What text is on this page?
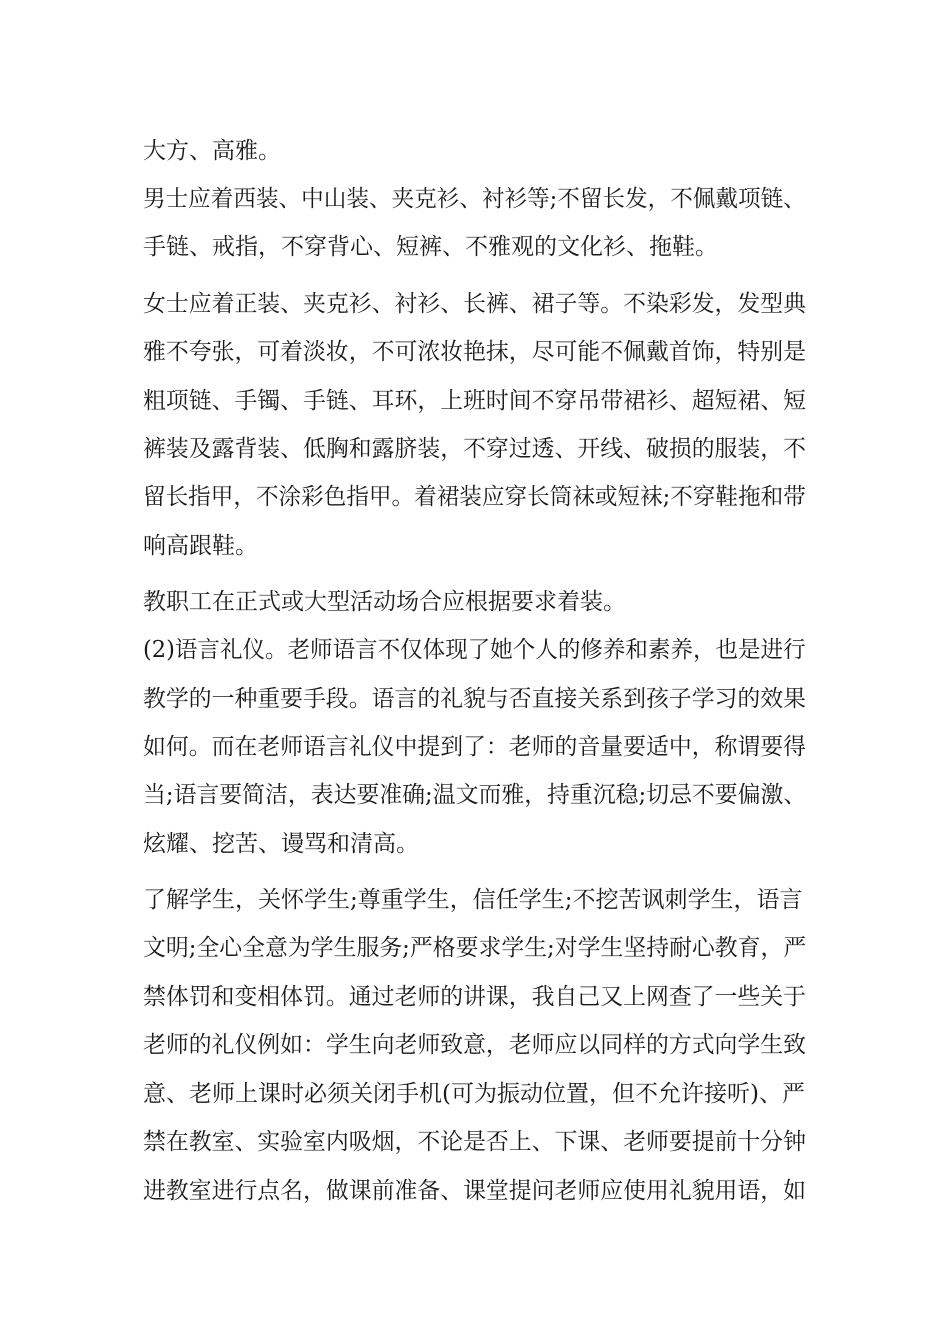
大方、高雅。
男士应着西装、中山装、夹克衫、衬衫等;不留长发，不佩戴项链、
手链、戒指，不穿背心、短裤、不雅观的文化衫、拖鞋。
女士应着正装、夹克衫、衬衫、长裤、裙子等。不染彩发，发型典
雅不夸张，可着淡妆，不可浓妆艳抹，尽可能不佩戴首饰，特别是
粗项链、手镯、手链、耳环，上班时间不穿吊带裙衫、超短裙、短
裤装及露背装、低胸和露脐装，不穿过透、开线、破损的服装，不
留长指甲，不涂彩色指甲。着裙装应穿长筒袜或短袜;不穿鞋拖和带
响高跟鞋。
教职工在正式或大型活动场合应根据要求着装。
(2)语言礼仪。老师语言不仅体现了她个人的修养和素养，也是进行
教学的一种重要手段。语言的礼貌与否直接关系到孩子学习的效果
如何。而在老师语言礼仪中提到了：老师的音量要适中，称谓要得
当;语言要简洁，表达要准确;温文而雅，持重沉稳;切忌不要偏激、
炫耀、挖苦、谩骂和清高。
了解学生，关怀学生;尊重学生，信任学生;不挖苦讽刺学生，语言
文明;全心全意为学生服务;严格要求学生;对学生坚持耐心教育，严
禁体罚和变相体罚。通过老师的讲课，我自己又上网查了一些关于
老师的礼仪例如：学生向老师致意，老师应以同样的方式向学生致
意、老师上课时必须关闭手机(可为振动位置，但不允许接听)、严
禁在教室、实验室内吸烟，不论是否上、下课、老师要提前十分钟
进教室进行点名，做课前准备、课堂提问老师应使用礼貌用语，如
